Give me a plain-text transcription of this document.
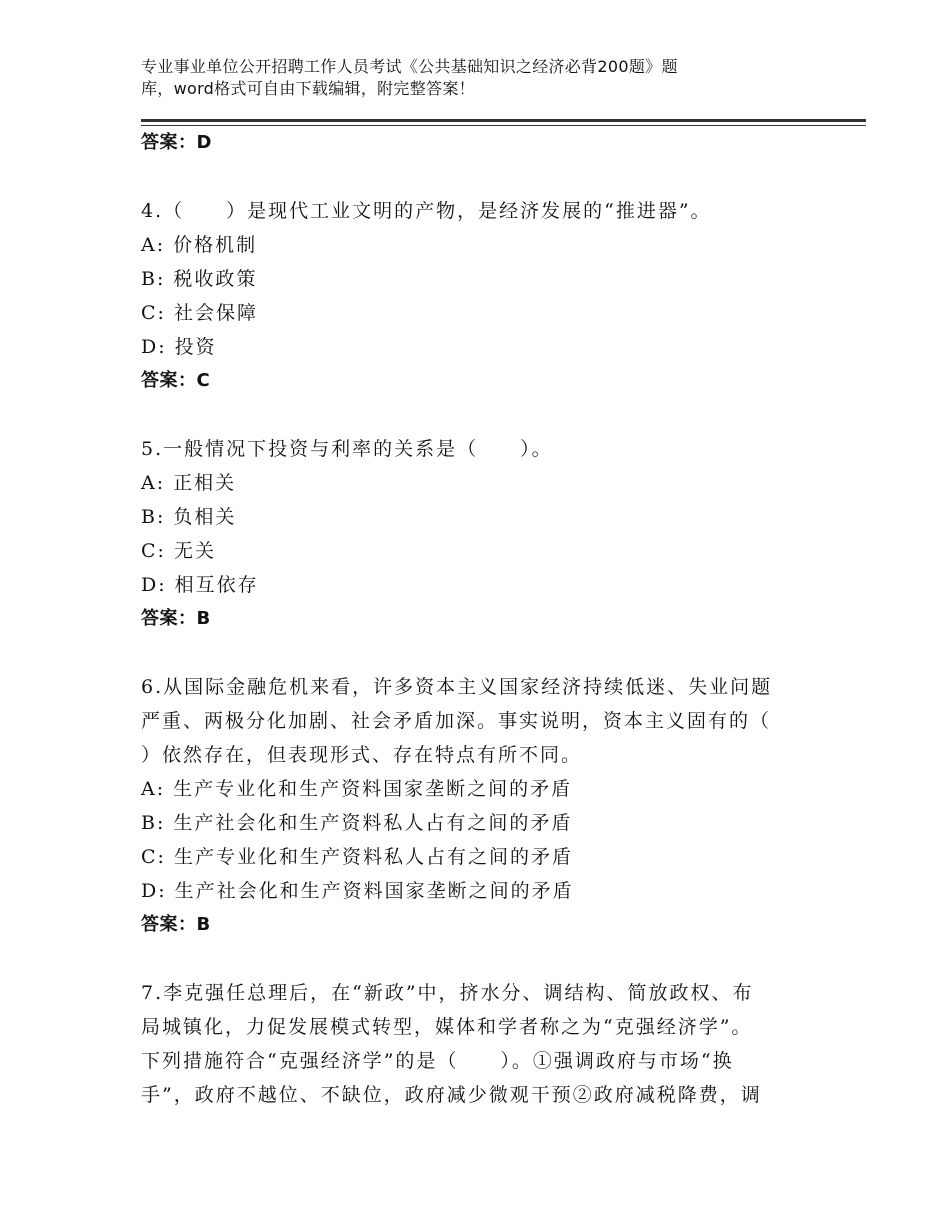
专业事业单位公开招聘工作人员考试《公共基础知识之经济必背200题》题
库，word格式可自由下载编辑，附完整答案！
答案：D
4.（　　）是现代工业文明的产物，是经济发展的“推进器”。
A: 价格机制
B: 税收政策
C: 社会保障
D: 投资
答案：C
5.一般情况下投资与利率的关系是（　　）。
A: 正相关
B: 负相关
C: 无关
D: 相互依存
答案：B
6.从国际金融危机来看，许多资本主义国家经济持续低迷、失业问题
严重、两极分化加剧、社会矛盾加深。事实说明，资本主义固有的（
）依然存在，但表现形式、存在特点有所不同。
A: 生产专业化和生产资料国家垄断之间的矛盾
B: 生产社会化和生产资料私人占有之间的矛盾
C: 生产专业化和生产资料私人占有之间的矛盾
D: 生产社会化和生产资料国家垄断之间的矛盾
答案：B
7.李克强任总理后，在“新政”中，挤水分、调结构、简放政权、布
局城镇化，力促发展模式转型，媒体和学者称之为“克强经济学”。
下列措施符合“克强经济学”的是（　　）。①强调政府与市场“换
手”，政府不越位、不缺位，政府减少微观干预②政府减税降费，调
